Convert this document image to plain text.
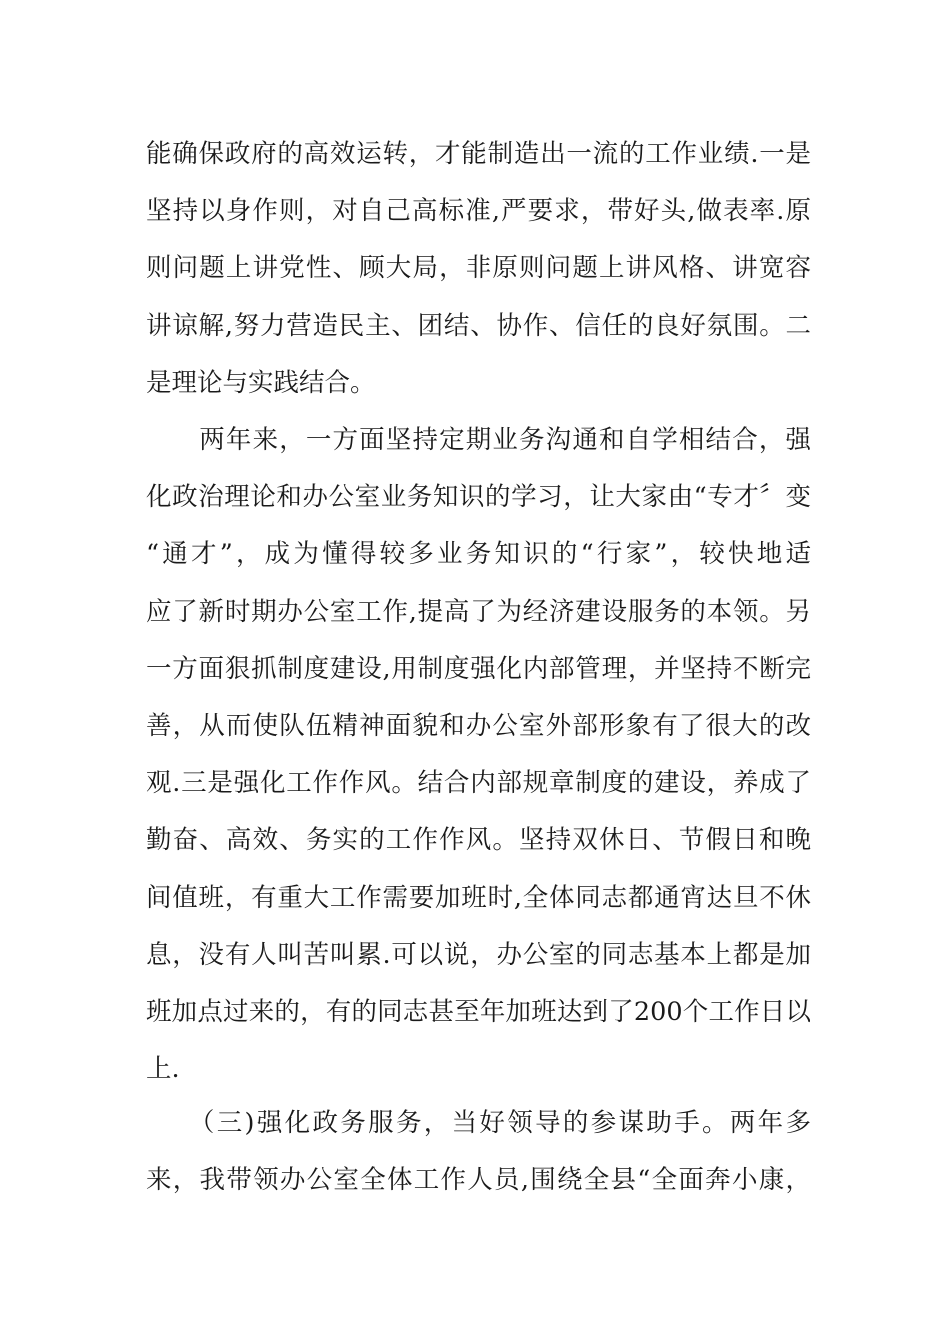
能确保政府的高效运转，才能制造出一流的工作业绩.一是
坚持以身作则，对自己高标准,严要求，带好头,做表率.原
则问题上讲党性、顾大局，非原则问题上讲风格、讲宽容
讲谅解,努力营造民主、团结、协作、信任的良好氛围。二
是理论与实践结合。
　　两年来，一方面坚持定期业务沟通和自学相结合，强
化政治理论和办公室业务知识的学习，让大家由“专才〞变
“通才”，成为懂得较多业务知识的“行家”，较快地适
应了新时期办公室工作,提高了为经济建设服务的本领。另
一方面狠抓制度建设,用制度强化内部管理，并坚持不断完
善，从而使队伍精神面貌和办公室外部形象有了很大的改
观.三是强化工作作风。结合内部规章制度的建设，养成了
勤奋、高效、务实的工作作风。坚持双休日、节假日和晚
间值班，有重大工作需要加班时,全体同志都通宵达旦不休
息，没有人叫苦叫累.可以说，办公室的同志基本上都是加
班加点过来的，有的同志甚至年加班达到了200个工作日以
上.
　　（三)强化政务服务，当好领导的参谋助手。两年多
来，我带领办公室全体工作人员,围绕全县“全面奔小康，
